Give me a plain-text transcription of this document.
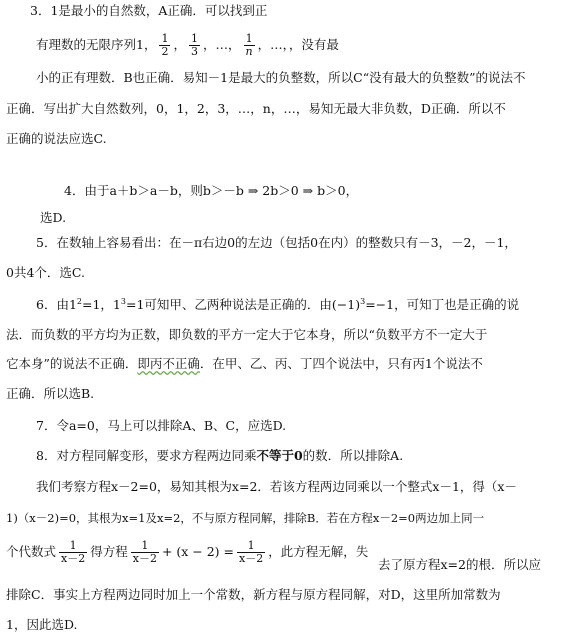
3．1是最小的自然数，A正确．可以找到正
有理数的无限序列1， $\frac{1}{2}$ ， $\frac{1}{3}$ ，…， $\frac{1}{n}$ ，…，，没有最
小的正有理数．B也正确．易知－1是最大的负整数，所以C“没有最大的负整数”的说法不
正确．写出扩大自然数列，0，1，2，3，…，n，…，易知无最大非负数，D正确．所以不
正确的说法应选C.
4．由于a＋b＞a－b，则b＞－b ⇒ 2b＞0 ⇒ b＞0，
选D.
5．在数轴上容易看出：在－π右边0的左边（包括0在内）的整数只有－3，－2，－1，
0共4个．选C.
6．由$1^2=1$，$1^3=1$可知甲、乙两种说法是正确的．由$(-1)^3=-1$，可知丁也是正确的说
法．而负数的平方均为正数，即负数的平方一定大于它本身，所以“负数平方不一定大于
它本身”的说法不正确．即丙不正确．在甲、乙、丙、丁四个说法中，只有丙1个说法不
正确．所以选B.
7．令a=0，马上可以排除A、B、C，应选D.
8．对方程同解变形，要求方程两边同乘不等于0的数．所以排除A.
我们考察方程x－2=0，易知其根为x=2．若该方程两边同乘以一个整式x－1，得（x－
1)（x－2)=0，其根为x=1及x=2，不与原方程同解，排除B．若在方程x－2=0两边加上同一
个代数式 $\frac{1}{x-2}$ 得方程 $\frac{1}{x-2} + (x - 2) = \frac{1}{x-2}$ ，此方程无解，失
去了原方程x=2的根．所以应
排除C．事实上方程两边同时加上一个常数，新方程与原方程同解，对D，这里所加常数为
1，因此选D.
